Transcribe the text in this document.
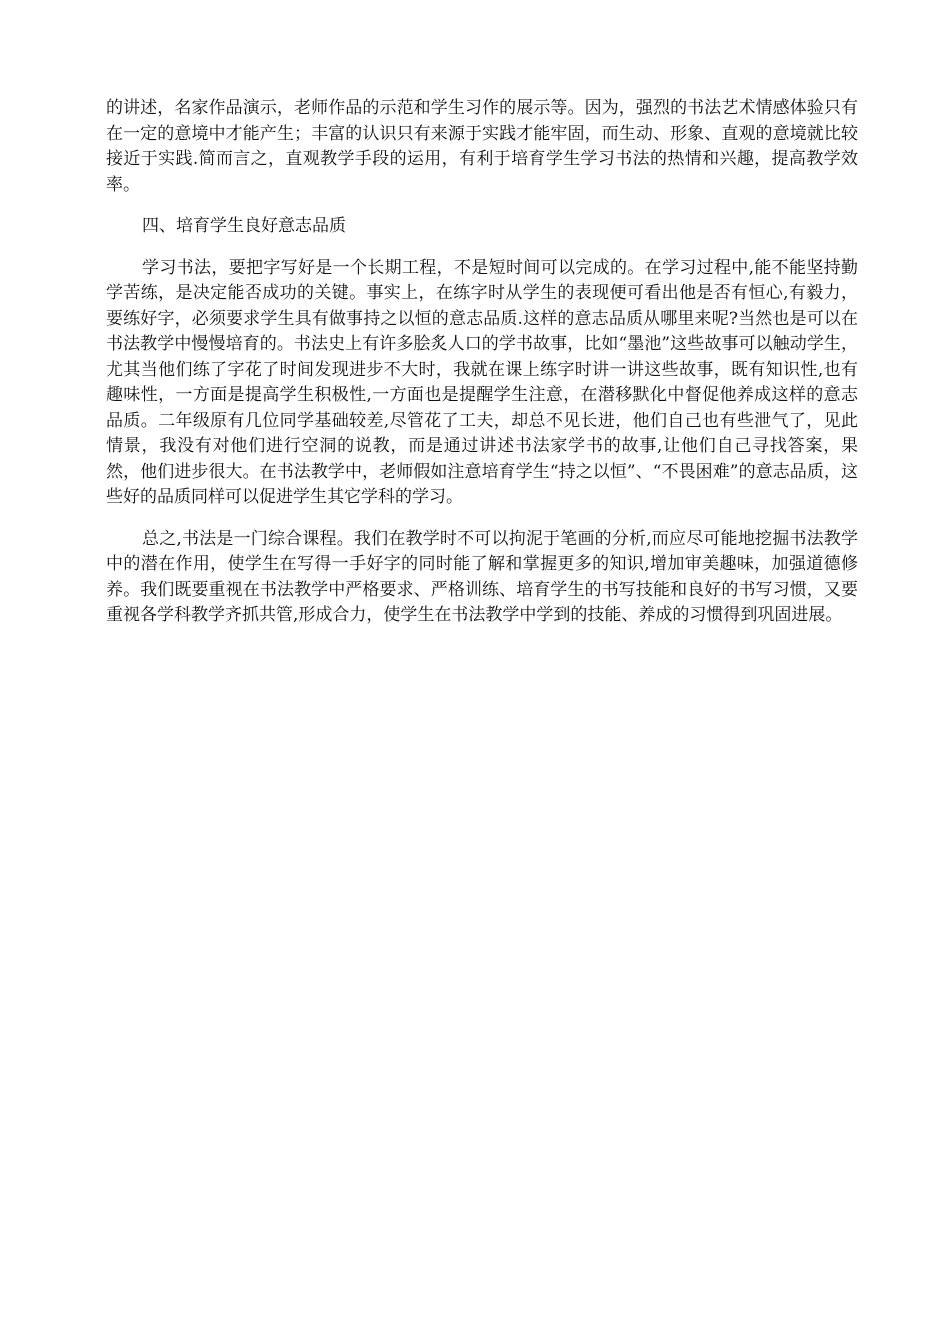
的讲述，名家作品演示，老师作品的示范和学生习作的展示等。因为，强烈的书法艺术情感体验只有在一定的意境中才能产生；丰富的认识只有来源于实践才能牢固，而生动、形象、直观的意境就比较接近于实践.简而言之，直观教学手段的运用，有利于培育学生学习书法的热情和兴趣，提高教学效率。

四、培育学生良好意志品质

学习书法，要把字写好是一个长期工程，不是短时间可以完成的。在学习过程中,能不能坚持勤学苦练，是决定能否成功的关键。事实上，在练字时从学生的表现便可看出他是否有恒心,有毅力，要练好字，必须要求学生具有做事持之以恒的意志品质.这样的意志品质从哪里来呢?当然也是可以在书法教学中慢慢培育的。书法史上有许多脍炙人口的学书故事，比如“墨池”这些故事可以触动学生，尤其当他们练了字花了时间发现进步不大时，我就在课上练字时讲一讲这些故事，既有知识性,也有趣味性，一方面是提高学生积极性,一方面也是提醒学生注意，在潜移默化中督促他养成这样的意志品质。二年级原有几位同学基础较差,尽管花了工夫，却总不见长进，他们自己也有些泄气了，见此情景，我没有对他们进行空洞的说教，而是通过讲述书法家学书的故事,让他们自己寻找答案，果然，他们进步很大。在书法教学中，老师假如注意培育学生“持之以恒”、“不畏困难”的意志品质，这些好的品质同样可以促进学生其它学科的学习。

总之,书法是一门综合课程。我们在教学时不可以拘泥于笔画的分析,而应尽可能地挖掘书法教学中的潜在作用，使学生在写得一手好字的同时能了解和掌握更多的知识,增加审美趣味，加强道德修养。我们既要重视在书法教学中严格要求、严格训练、培育学生的书写技能和良好的书写习惯，又要重视各学科教学齐抓共管,形成合力，使学生在书法教学中学到的技能、养成的习惯得到巩固进展。
